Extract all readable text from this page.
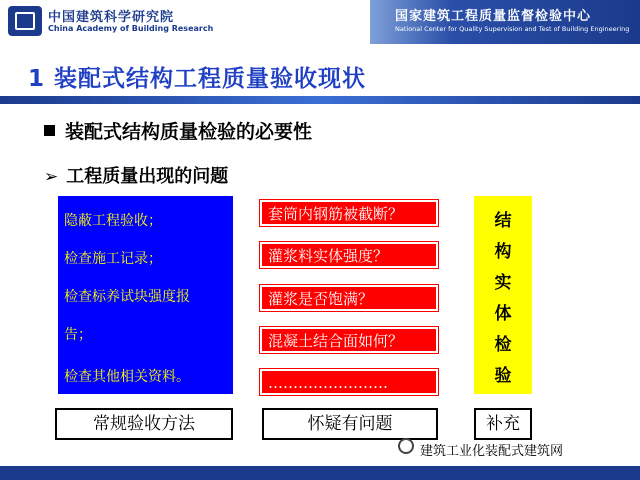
中国建筑科学研究院
China Academy of Building Research
国家建筑工程质量监督检验中心
National Center for Quality Supervision and Test of Building Engineering
1 装配式结构工程质量验收现状
装配式结构质量检验的必要性
➢ 工程质量出现的问题
隐蔽工程验收；
检查施工记录；
检查标养试块强度报
告；
检查其他相关资料。
套筒内钢筋被截断？
灌浆料实体强度？
灌浆是否饱满？
混凝土结合面如何？
……………………
结
构
实
体
检
验
常规验收方法	怀疑有问题	补充
建筑工业化装配式建筑网
